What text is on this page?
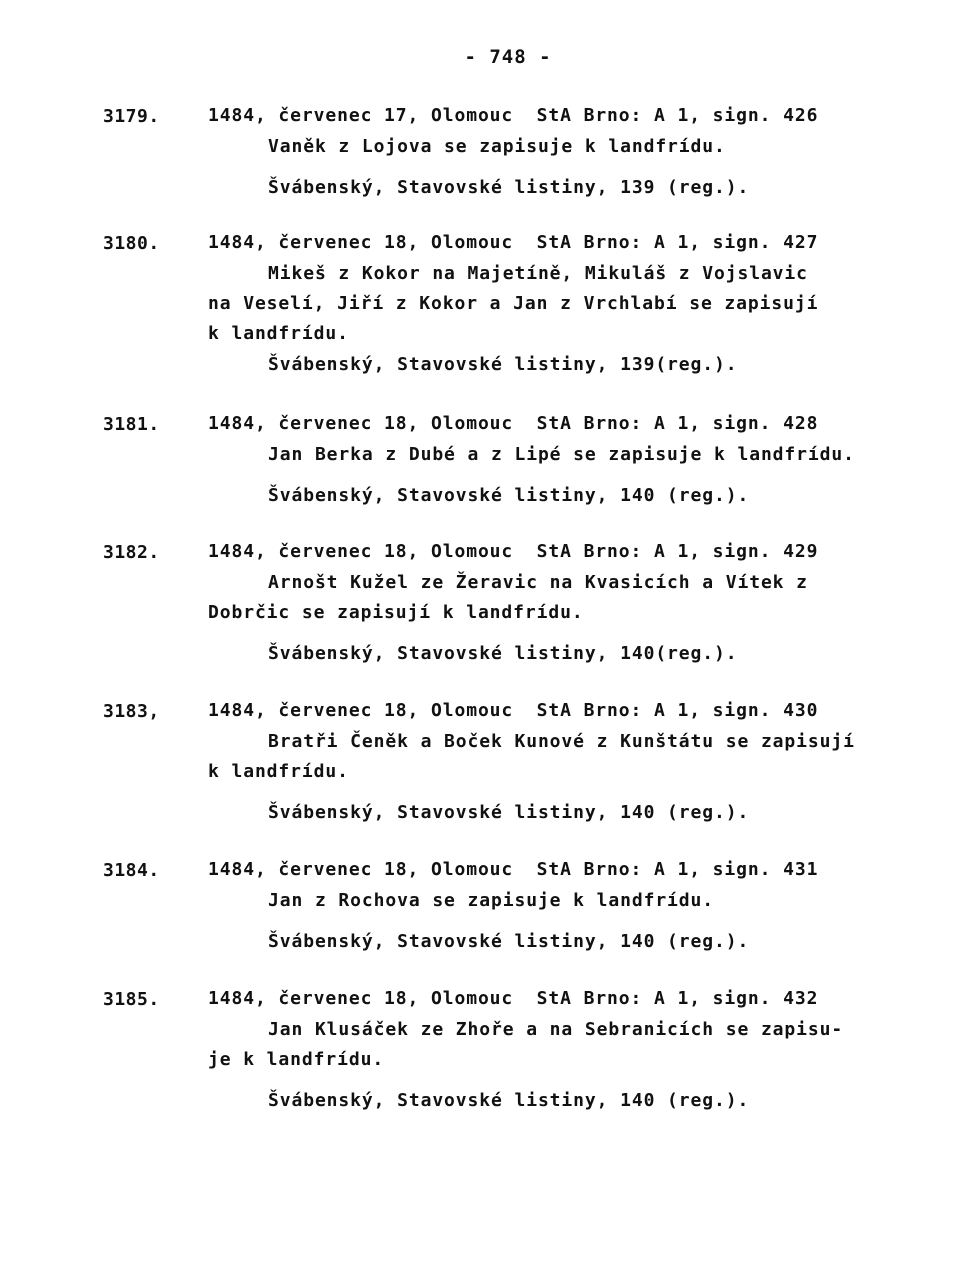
- 748 -
3179.	1484, červenec 17, Olomouc  StA Brno: A 1, sign. 426
Vaněk z Lojova se zapisuje k landfrídu.
Švábenský, Stavovské listiny, 139 (reg.).
3180.	1484, červenec 18, Olomouc  StA Brno: A 1, sign. 427
Mikeš z Kokor na Majetíně, Mikuláš z Vojslavic
na Veselí, Jiří z Kokor a Jan z Vrchlabí se zapisují
k landfrídu.
Švábenský, Stavovské listiny, 139(reg.).
3181.	1484, červenec 18, Olomouc  StA Brno: A 1, sign. 428
Jan Berka z Dubé a z Lipé se zapisuje k landfrídu.
Švábenský, Stavovské listiny, 140 (reg.).
3182.	1484, červenec 18, Olomouc  StA Brno: A 1, sign. 429
Arnošt Kužel ze Žeravic na Kvasicích a Vítek z
Dobrčic se zapisují k landfrídu.
Švábenský, Stavovské listiny, 140(reg.).
3183,	1484, červenec 18, Olomouc  StA Brno: A 1, sign. 430
Bratři Čeněk a Boček Kunové z Kunštátu se zapisují
k landfrídu.
Švábenský, Stavovské listiny, 140 (reg.).
3184.	1484, červenec 18, Olomouc  StA Brno: A 1, sign. 431
Jan z Rochova se zapisuje k landfrídu.
Švábenský, Stavovské listiny, 140 (reg.).
3185.	1484, červenec 18, Olomouc  StA Brno: A 1, sign. 432
Jan Klusáček ze Zhoře a na Sebranicích se zapisu-
je k landfrídu.
Švábenský, Stavovské listiny, 140 (reg.).
